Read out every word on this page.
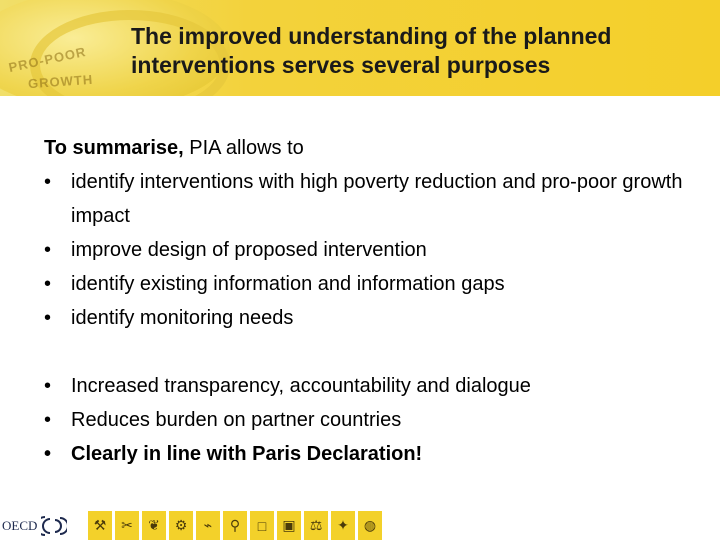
PRO-POOR
GROWTH
The improved understanding of the planned
interventions serves several purposes
To summarise, PIA allows to
• identify interventions with high poverty reduction and pro-poor growth impact
• improve design of proposed intervention
• identify existing information and information gaps
• identify monitoring needs
• Increased transparency, accountability and dialogue
• Reduces burden on partner countries
• Clearly in line with Paris Declaration!
OECD	⚒	✂	❦	⚙	⌁	⚲	□	▣	⚖	✦	◍
